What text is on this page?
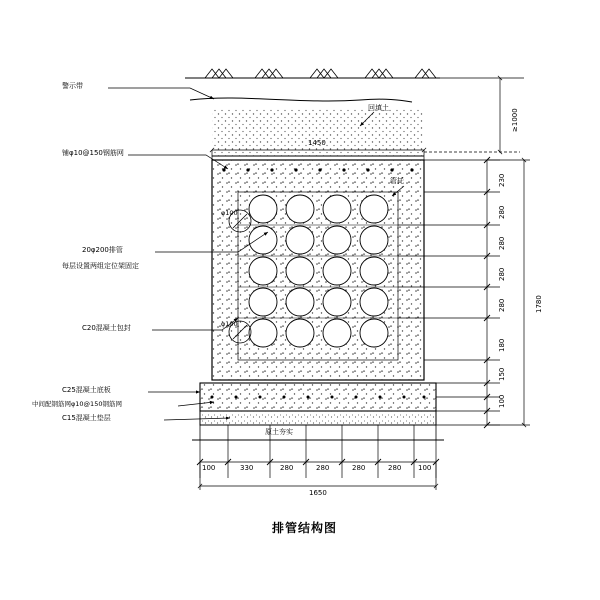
警示带
回填土
铺φ10@150钢筋网
管托
20φ200排管
每层设置两组定位架固定
C20混凝土包封
C25混凝土底板
中间配钢筋网φ10@150钢筋网
C15混凝土垫层
原土夯实
φ100
φ100
1450
1650
100	330	280	280	280	280 100
230
280
280
280
280
180
150
100
1780
≥1000
排管结构图
